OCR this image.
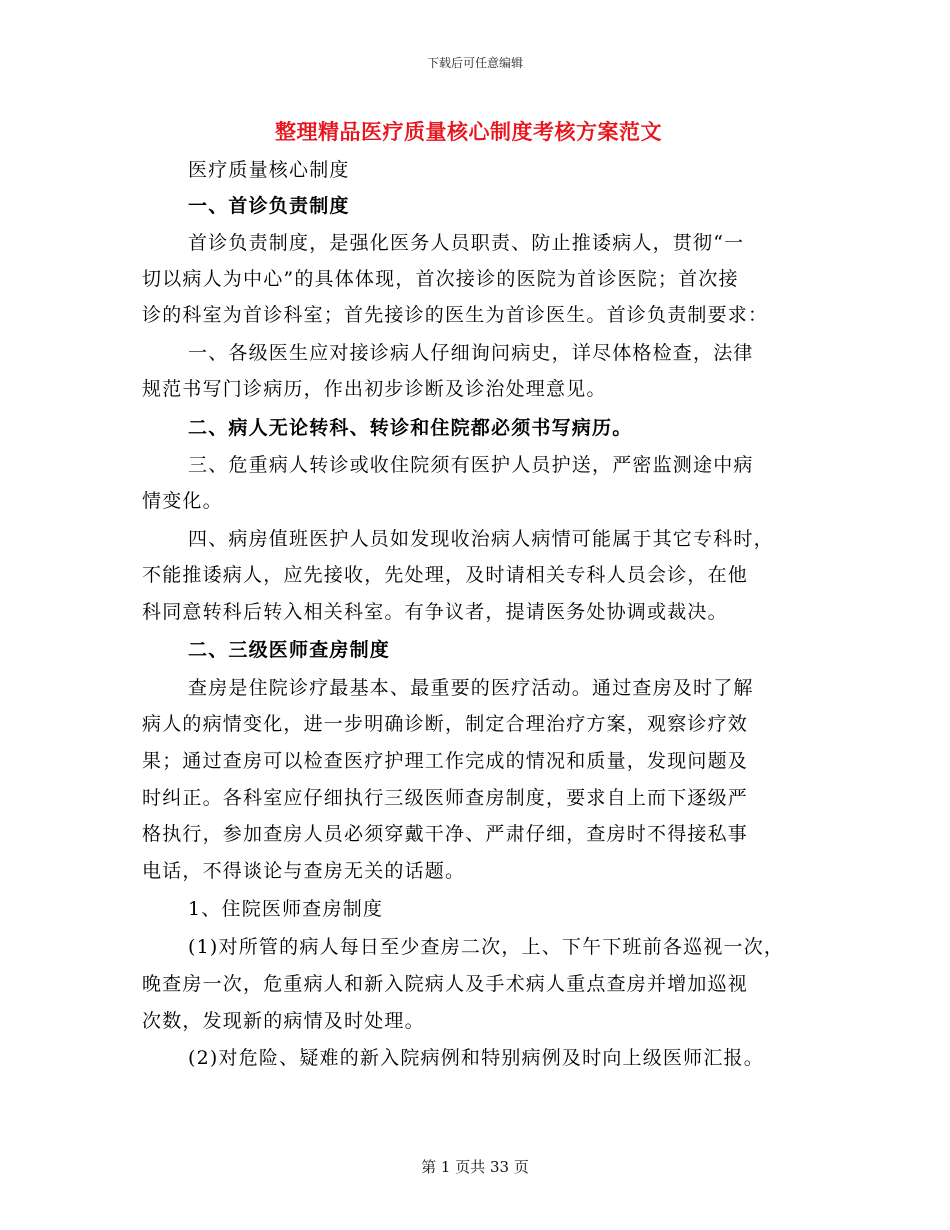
下载后可任意编辑
整理精品医疗质量核心制度考核方案范文
医疗质量核心制度
一、首诊负责制度
首诊负责制度，是强化医务人员职责、防止推诿病人，贯彻“一
切以病人为中心”的具体体现，首次接诊的医院为首诊医院；首次接
诊的科室为首诊科室；首先接诊的医生为首诊医生。首诊负责制要求：
一、各级医生应对接诊病人仔细询问病史，详尽体格检查，法律
规范书写门诊病历，作出初步诊断及诊治处理意见。
二、病人无论转科、转诊和住院都必须书写病历。
三、危重病人转诊或收住院须有医护人员护送，严密监测途中病
情变化。
四、病房值班医护人员如发现收治病人病情可能属于其它专科时，
不能推诿病人，应先接收，先处理，及时请相关专科人员会诊，在他
科同意转科后转入相关科室。有争议者，提请医务处协调或裁决。
二、三级医师查房制度
查房是住院诊疗最基本、最重要的医疗活动。通过查房及时了解
病人的病情变化，进一步明确诊断，制定合理治疗方案，观察诊疗效
果；通过查房可以检查医疗护理工作完成的情况和质量，发现问题及
时纠正。各科室应仔细执行三级医师查房制度，要求自上而下逐级严
格执行，参加查房人员必须穿戴干净、严肃仔细，查房时不得接私事
电话，不得谈论与查房无关的话题。
1、住院医师查房制度
(1)对所管的病人每日至少查房二次，上、下午下班前各巡视一次，
晚查房一次，危重病人和新入院病人及手术病人重点查房并增加巡视
次数，发现新的病情及时处理。
(2)对危险、疑难的新入院病例和特别病例及时向上级医师汇报。
第 1 页共 33 页
